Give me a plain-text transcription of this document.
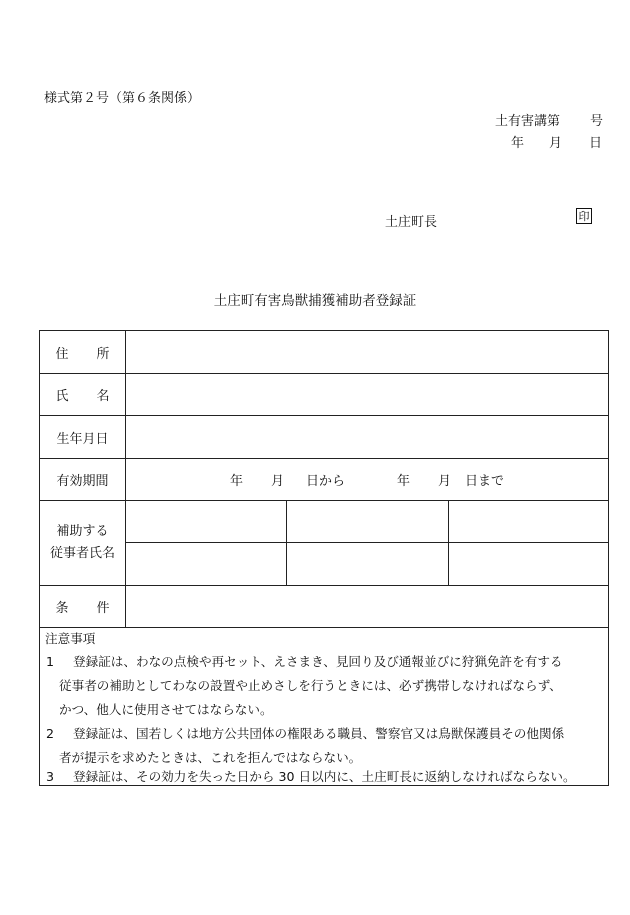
様式第２号（第６条関係）
土有害講第 号
年 月 日
土庄町長	印
土庄町有害鳥獣捕獲補助者登録証
住 所			
氏 名			
生年月日			
有効期間	年 月 日から 年 月 日まで		

補助する
従事者氏名			

条 件			
注意事項
1 登録証は、わなの点検や再セット、えさまき、見回り及び通報並びに狩猟免許を有する
従事者の補助としてわなの設置や止めさしを行うときには、必ず携帯しなければならず、
かつ、他人に使用させてはならない。
2 登録証は、国若しくは地方公共団体の権限ある職員、警察官又は鳥獣保護員その他関係
者が提示を求めたときは、これを拒んではならない。
3 登録証は、その効力を失った日から 30 日以内に、土庄町長に返納しなければならない。
